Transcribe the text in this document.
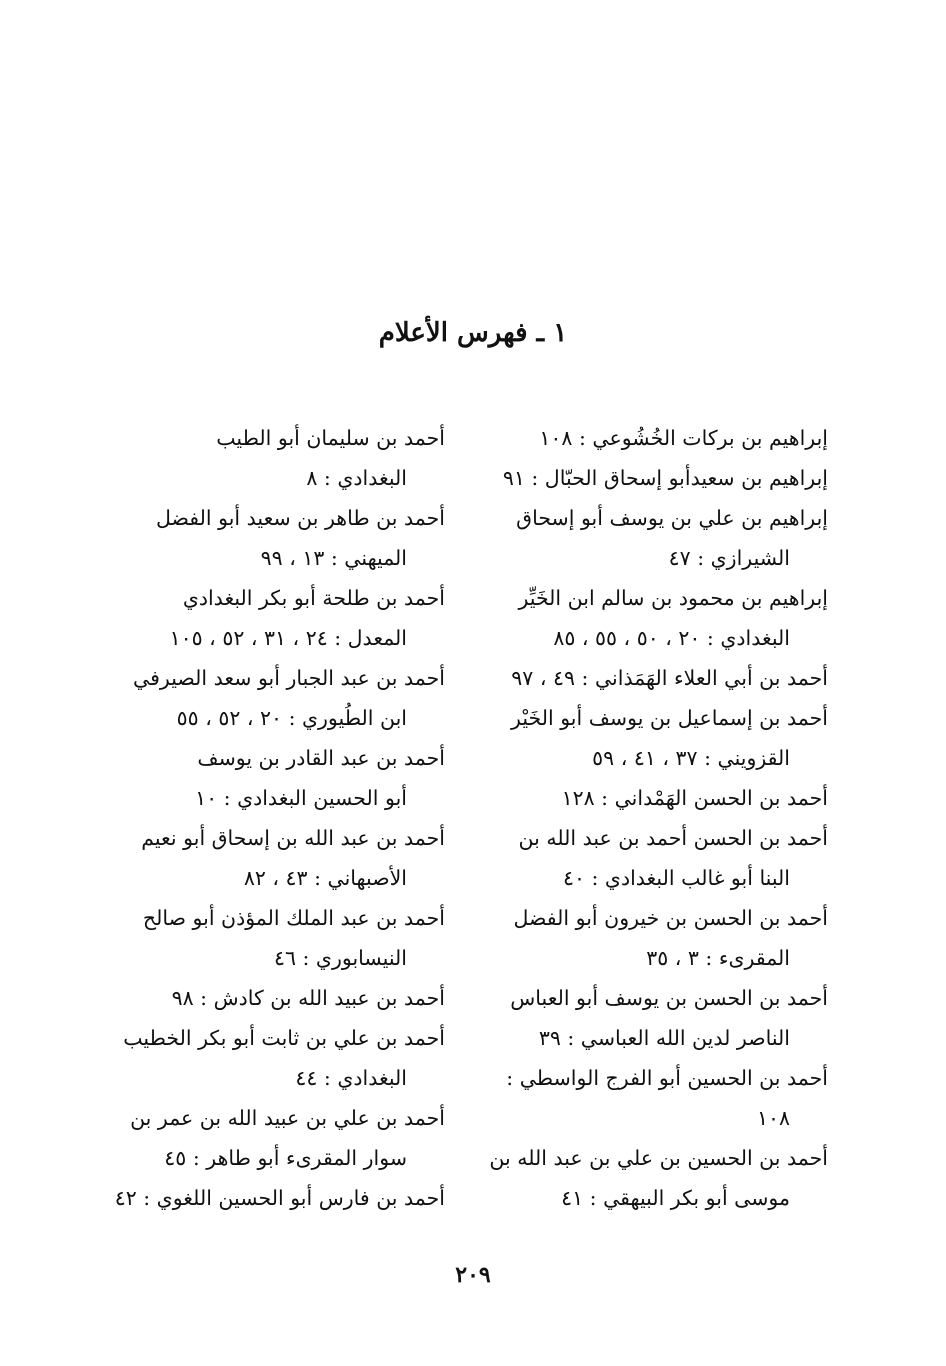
١ ـ فهرس الأعلام
إبراهيم بن بركات الخُشُوعي : ١٠٨
إبراهيم بن سعيدأبو إسحاق الحبّال : ٩١
إبراهيم بن علي بن يوسف أبو إسحاق
الشيرازي : ٤٧
إبراهيم بن محمود بن سالم ابن الخَيِّر
البغدادي : ٢٠ ، ٥٠ ، ٥٥ ، ٨٥
أحمد بن أبي العلاء الهَمَذاني : ٤٩ ، ٩٧
أحمد بن إسماعيل بن يوسف أبو الخَيْر
القزويني : ٣٧ ، ٤١ ، ٥٩
أحمد بن الحسن الهَمْداني : ١٢٨
أحمد بن الحسن أحمد بن عبد الله بن
البنا أبو غالب البغدادي : ٤٠
أحمد بن الحسن بن خيرون أبو الفضل
المقرىء : ٣ ، ٣٥
أحمد بن الحسن بن يوسف أبو العباس
الناصر لدين الله العباسي : ٣٩
أحمد بن الحسين أبو الفرج الواسطي :
١٠٨
أحمد بن الحسين بن علي بن عبد الله بن
موسى أبو بكر البيهقي : ٤١
أحمد بن سليمان أبو الطيب
البغدادي : ٨
أحمد بن طاهر بن سعيد أبو الفضل
الميهني : ١٣ ، ٩٩
أحمد بن طلحة أبو بكر البغدادي
المعدل : ٢٤ ، ٣١ ، ٥٢ ، ١٠٥
أحمد بن عبد الجبار أبو سعد الصيرفي
ابن الطُيوري : ٢٠ ، ٥٢ ، ٥٥
أحمد بن عبد القادر بن يوسف
أبو الحسين البغدادي : ١٠
أحمد بن عبد الله بن إسحاق أبو نعيم
الأصبهاني : ٤٣ ، ٨٢
أحمد بن عبد الملك المؤذن أبو صالح
النيسابوري : ٤٦
أحمد بن عبيد الله بن كادش : ٩٨
أحمد بن علي بن ثابت أبو بكر الخطيب
البغدادي : ٤٤
أحمد بن علي بن عبيد الله بن عمر بن
سوار المقرىء أبو طاهر : ٤٥
أحمد بن فارس أبو الحسين اللغوي : ٤٢
٢٠٩
